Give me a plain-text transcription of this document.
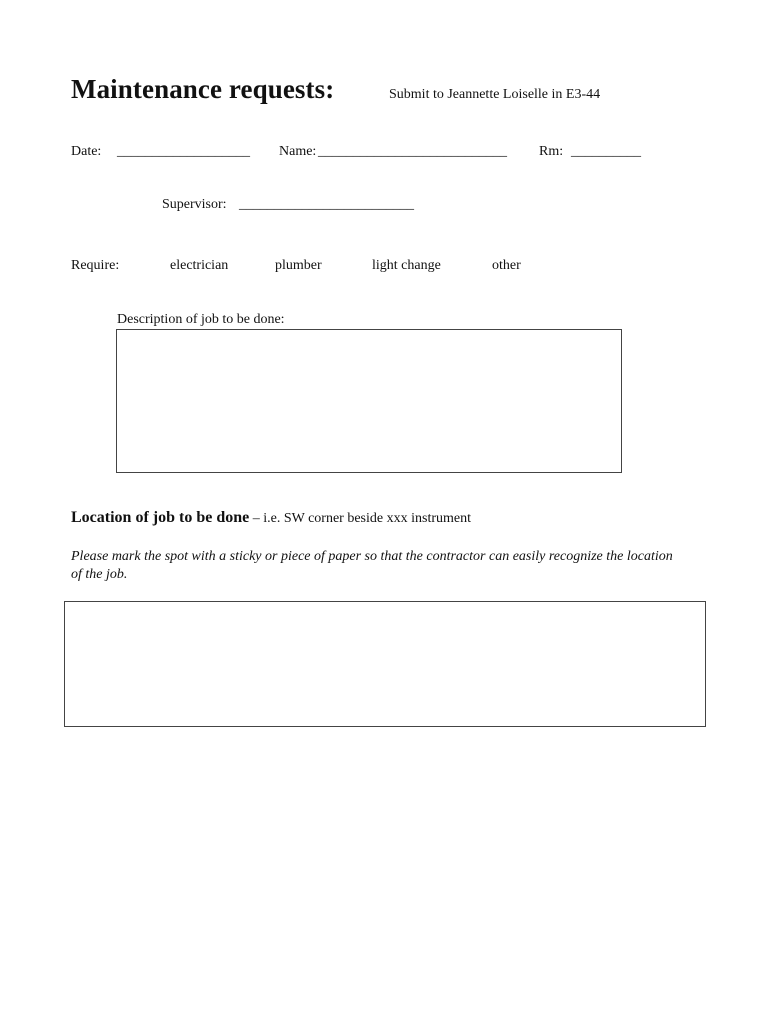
Maintenance requests:	Submit to Jeannette Loiselle in E3-44
Date: ___________________ Name: ___________________________ Rm: __________
Supervisor: _________________________
Require:	electrician	plumber	light change	other
Description of job to be done:
Location of job to be done – i.e. SW corner beside xxx instrument
Please mark the spot with a sticky or piece of paper so that the contractor can easily recognize the location of the job.
